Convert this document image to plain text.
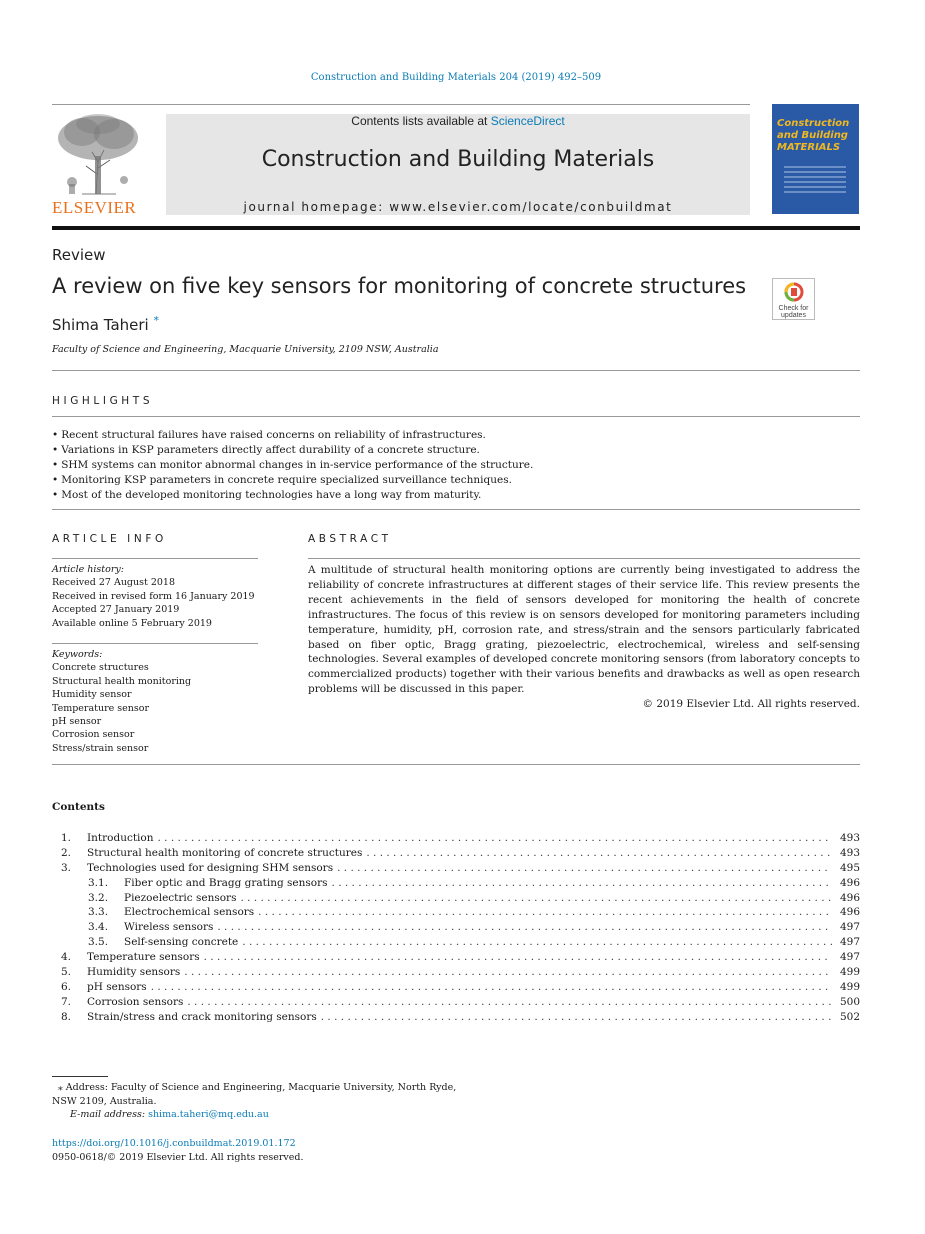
Construction and Building Materials 204 (2019) 492–509
ELSEVIER
Contents lists available at ScienceDirect
Construction and Building Materials
journal homepage: www.elsevier.com/locate/conbuildmat
Construction and Building MATERIALS
Review
A review on five key sensors for monitoring of concrete structures
Check for updates
Shima Taheri *
Faculty of Science and Engineering, Macquarie University, 2109 NSW, Australia
HIGHLIGHTS
• Recent structural failures have raised concerns on reliability of infrastructures.
• Variations in KSP parameters directly affect durability of a concrete structure.
• SHM systems can monitor abnormal changes in in-service performance of the structure.
• Monitoring KSP parameters in concrete require specialized surveillance techniques.
• Most of the developed monitoring technologies have a long way from maturity.
ARTICLE INFO
Article history:
Received 27 August 2018
Received in revised form 16 January 2019
Accepted 27 January 2019
Available online 5 February 2019
Keywords:
Concrete structures
Structural health monitoring
Humidity sensor
Temperature sensor
pH sensor
Corrosion sensor
Stress/strain sensor
ABSTRACT
A multitude of structural health monitoring options are currently being investigated to address the reliability of concrete infrastructures at different stages of their service life. This review presents the recent achievements in the field of sensors developed for monitoring the health of concrete infrastructures. The focus of this review is on sensors developed for monitoring parameters including temperature, humidity, pH, corrosion rate, and stress/strain and the sensors particularly fabricated based on fiber optic, Bragg grating, piezoelectric, electrochemical, wireless and self-sensing technologies. Several examples of developed concrete monitoring sensors (from laboratory concepts to commercialized products) together with their various benefits and drawbacks as well as open research problems will be discussed in this paper.
© 2019 Elsevier Ltd. All rights reserved.
Contents
1. Introduction . . .	493
2. Structural health monitoring of concrete structures . . .	493
3. Technologies used for designing SHM sensors . . .	495
3.1. Fiber optic and Bragg grating sensors . . .	496
3.2. Piezoelectric sensors . . .	496
3.3. Electrochemical sensors . . .	496
3.4. Wireless sensors . . .	497
3.5. Self-sensing concrete . . .	497
4. Temperature sensors . . .	497
5. Humidity sensors . . .	499
6. pH sensors . . .	499
7. Corrosion sensors . . .	500
8. Strain/stress and crack monitoring sensors . . .	502
⁎ Address: Faculty of Science and Engineering, Macquarie University, North Ryde, NSW 2109, Australia.
E-mail address: shima.taheri@mq.edu.au
https://doi.org/10.1016/j.conbuildmat.2019.01.172
0950-0618/© 2019 Elsevier Ltd. All rights reserved.
